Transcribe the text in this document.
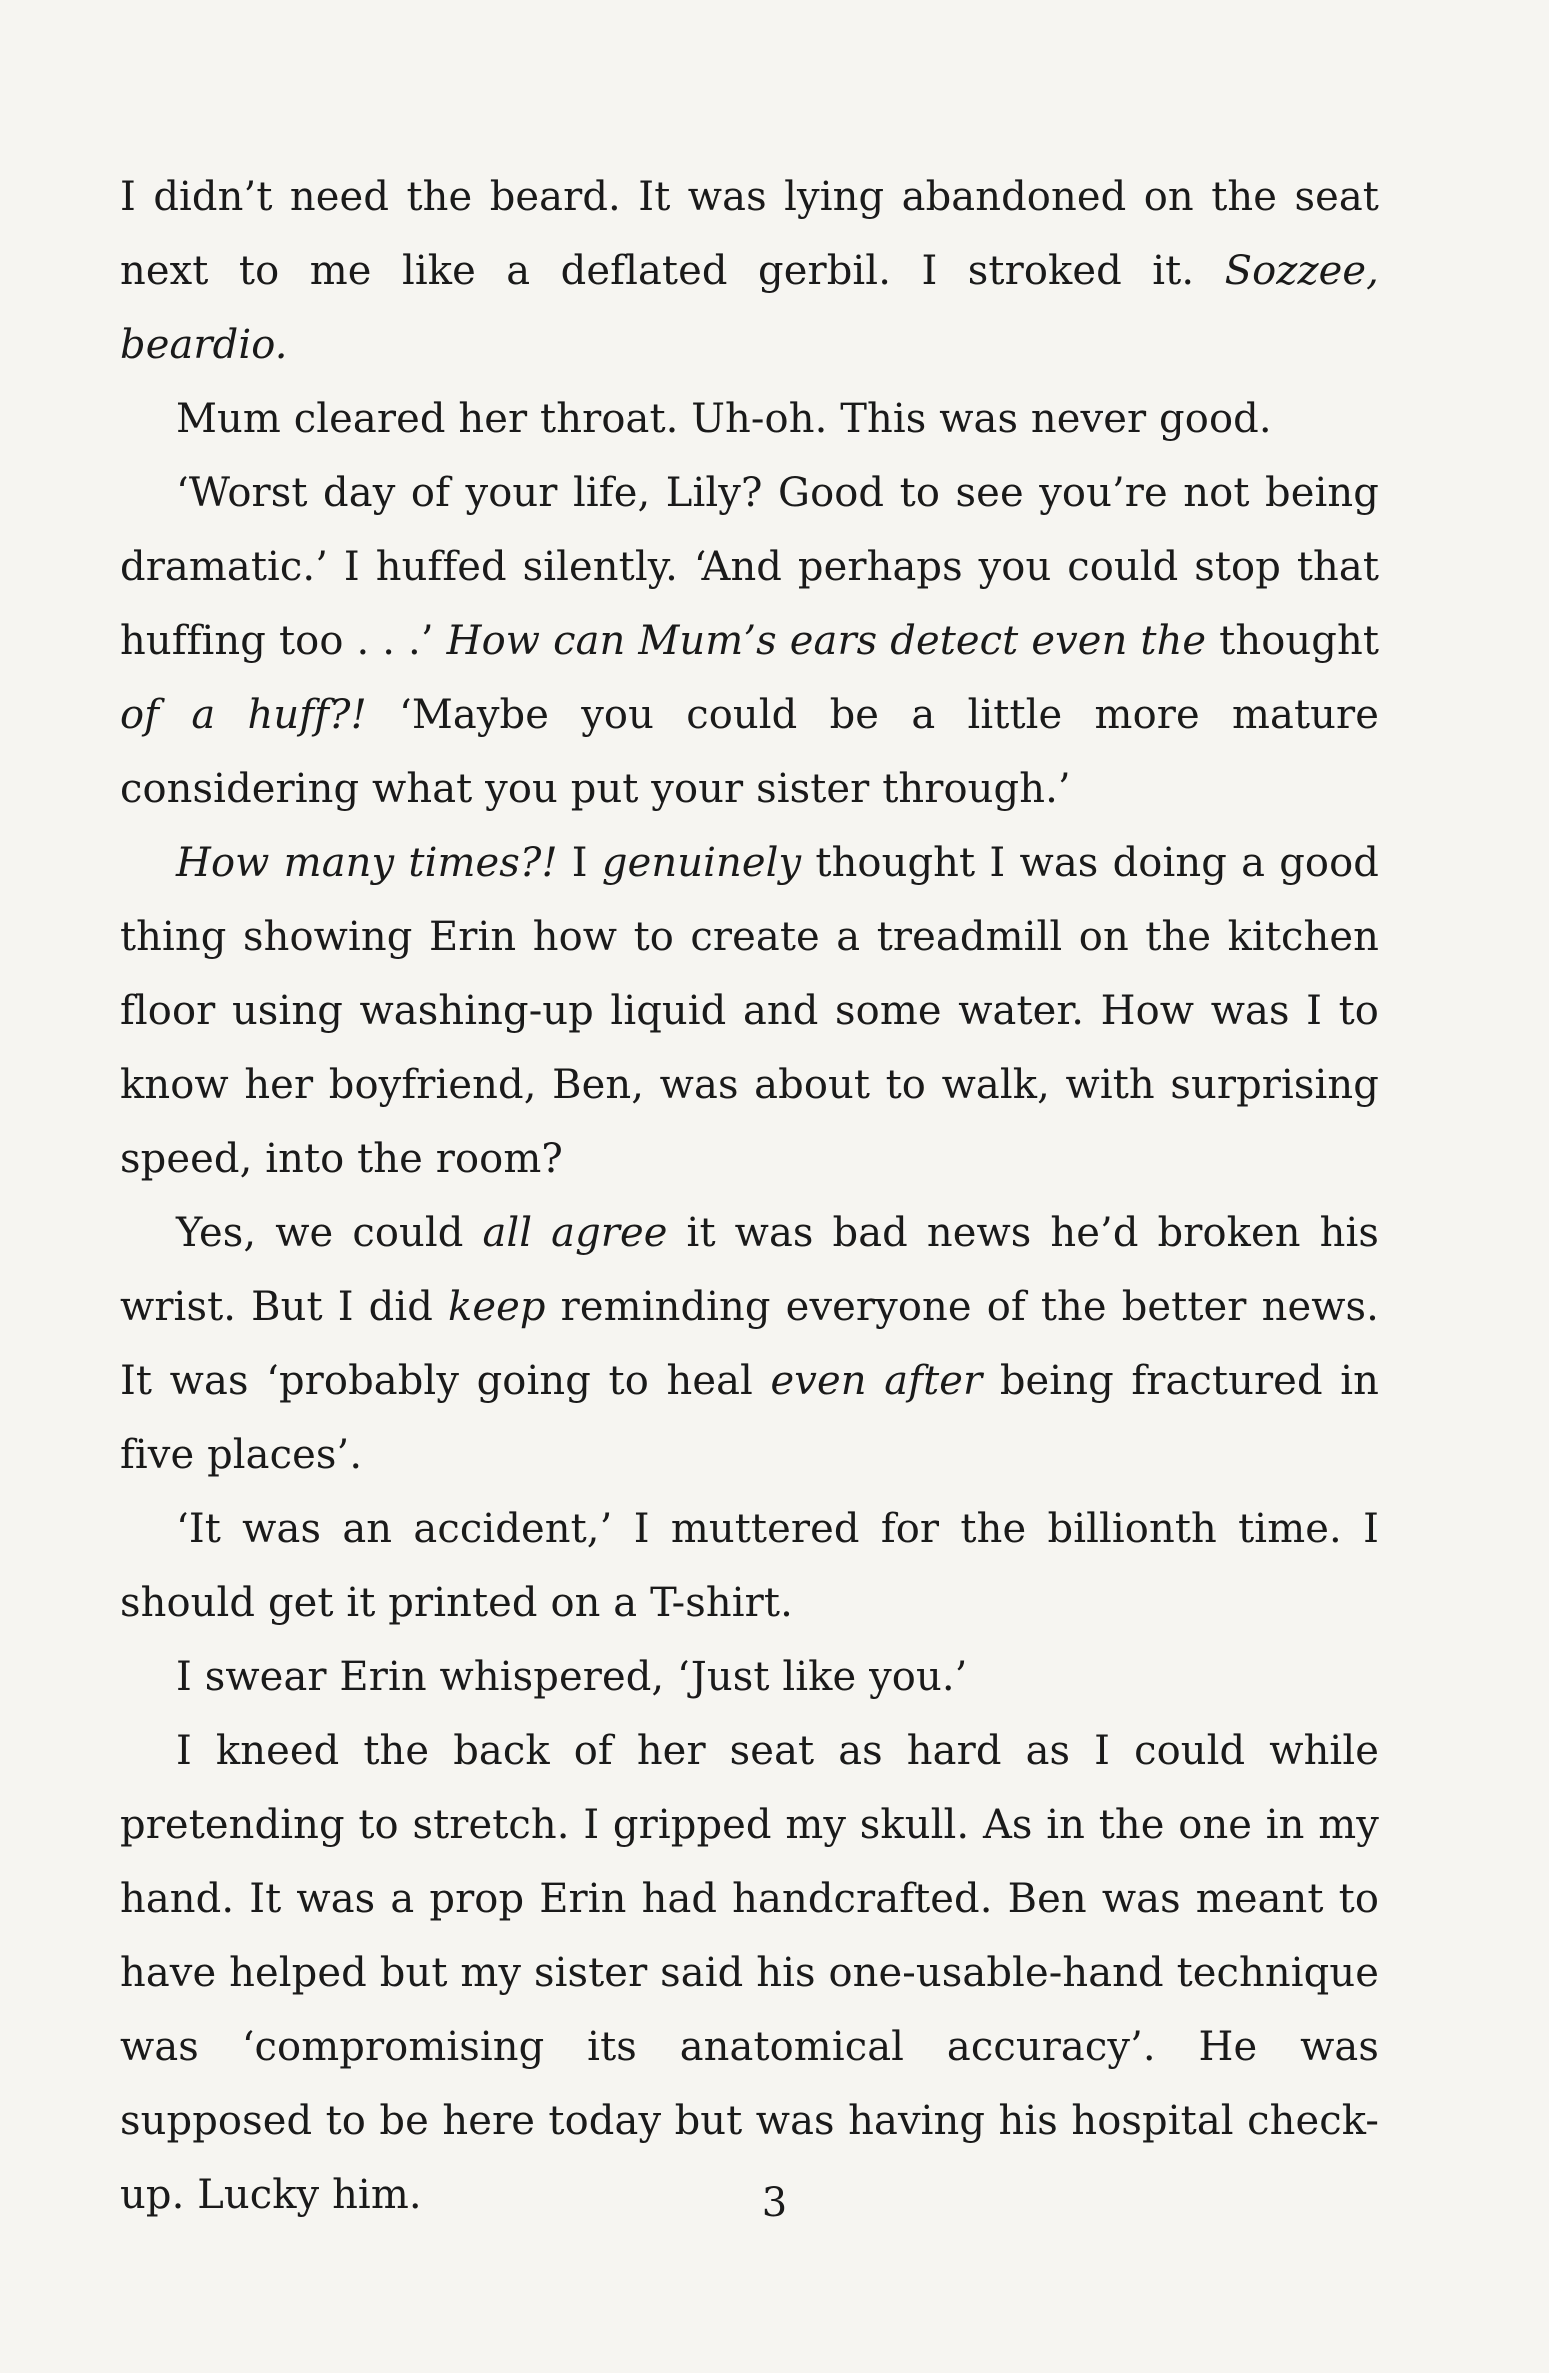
I didn’t need the beard. It was lying abandoned on the seat next to me like a deflated gerbil. I stroked it. Sozzee, beardio.

Mum cleared her throat. Uh-oh. This was never good.

‘Worst day of your life, Lily? Good to see you’re not being dramatic.’ I huffed silently. ‘And perhaps you could stop that huffing too . . .’ How can Mum’s ears detect even the thought of a huff?! ‘Maybe you could be a little more mature considering what you put your sister through.’

How many times?! I genuinely thought I was doing a good thing showing Erin how to create a treadmill on the kitchen floor using washing-up liquid and some water. How was I to know her boyfriend, Ben, was about to walk, with surprising speed, into the room?

Yes, we could all agree it was bad news he’d broken his wrist. But I did keep reminding everyone of the better news. It was ‘probably going to heal even after being fractured in five places’.

‘It was an accident,’ I muttered for the billionth time. I should get it printed on a T-shirt.

I swear Erin whispered, ‘Just like you.’

I kneed the back of her seat as hard as I could while pretending to stretch. I gripped my skull. As in the one in my hand. It was a prop Erin had handcrafted. Ben was meant to have helped but my sister said his one-usable-hand technique was ‘compromising its anatomical accuracy’. He was supposed to be here today but was having his hospital check-up. Lucky him.	3
